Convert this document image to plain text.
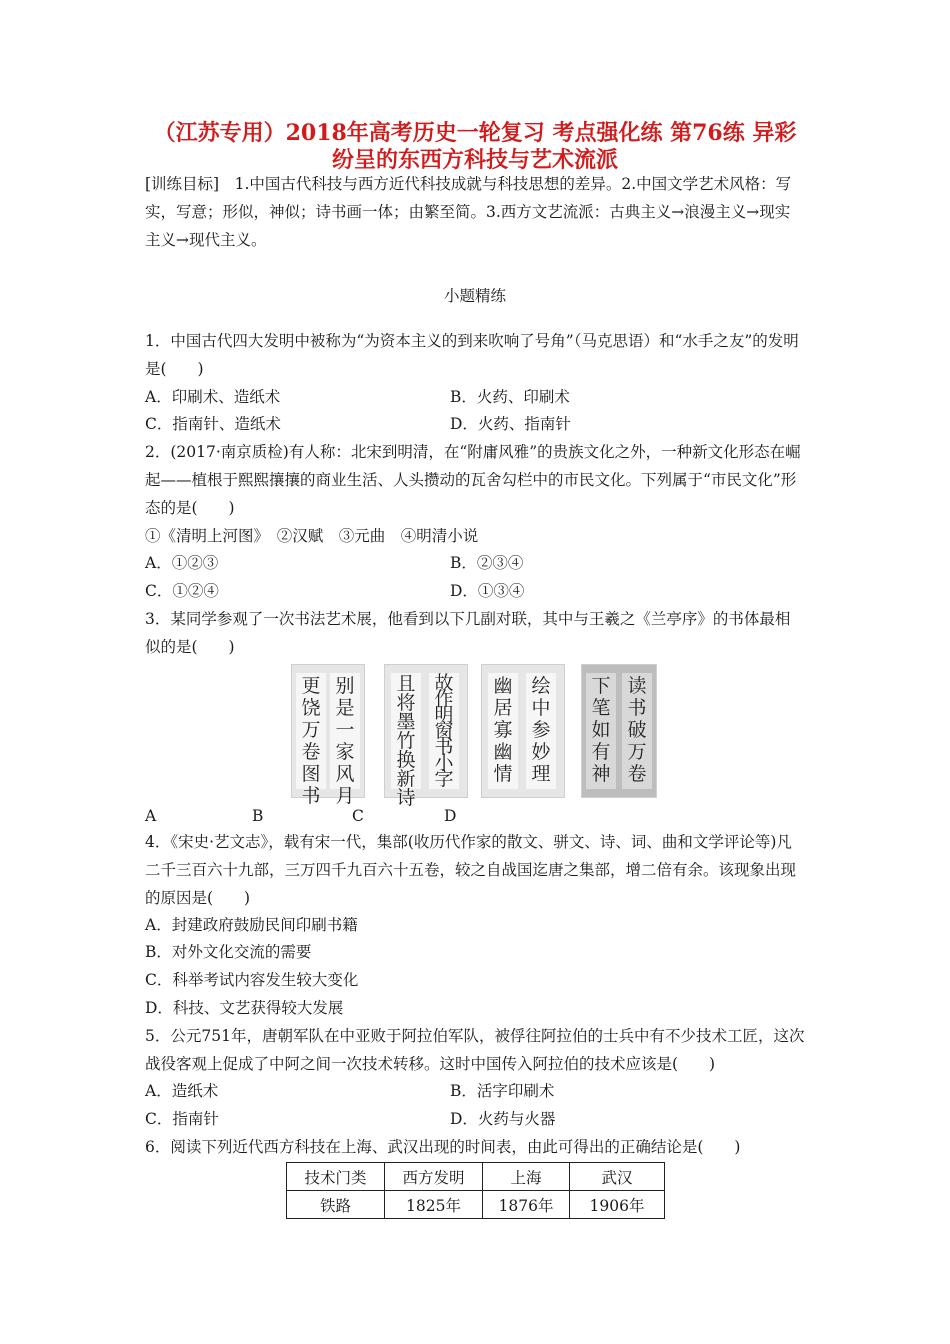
（江苏专用）2018年高考历史一轮复习 考点强化练 第76练 异彩
纷呈的东西方科技与艺术流派
[训练目标]　1.中国古代科技与西方近代科技成就与科技思想的差异。2.中国文学艺术风格：写实，写意；形似，神似；诗书画一体；由繁至简。3.西方文艺流派：古典主义→浪漫主义→现实主义→现代主义。
小题精练
1．中国古代四大发明中被称为“为资本主义的到来吹响了号角”（马克思语）和“水手之友”的发明是(　　)
A．印刷术、造纸术	B．火药、印刷术
C．指南针、造纸术	D．火药、指南针
2．(2017·南京质检)有人称：北宋到明清，在“附庸风雅”的贵族文化之外，一种新文化形态在崛起——植根于熙熙攘攘的商业生活、人头攒动的瓦舍勾栏中的市民文化。下列属于“市民文化”形态的是(　　)
①《清明上河图》　②汉赋　③元曲　④明清小说
A．①②③	B．②③④
C．①②④	D．①③④
3．某同学参观了一次书法艺术展，他看到以下几副对联，其中与王羲之《兰亭序》的书体最相似的是(　　)
更饶万卷图书
别是一家风月
且将墨竹换新诗
故作明窗书小字
幽居寡幽情
绘中参妙理
下笔如有神
读书破万卷
A	B	C	D
4．《宋史·艺文志》，载有宋一代，集部(收历代作家的散文、骈文、诗、词、曲和文学评论等)凡二千三百六十九部，三万四千九百六十五卷，较之自战国迄唐之集部，增二倍有余。该现象出现的原因是(　　)
A．封建政府鼓励民间印刷书籍
B．对外文化交流的需要
C．科举考试内容发生较大变化
D．科技、文艺获得较大发展
5．公元751年，唐朝军队在中亚败于阿拉伯军队，被俘往阿拉伯的士兵中有不少技术工匠，这次战役客观上促成了中阿之间一次技术转移。这时中国传入阿拉伯的技术应该是(　　)
A．造纸术	B．活字印刷术
C．指南针	D．火药与火器
6．阅读下列近代西方科技在上海、武汉出现的时间表，由此可得出的正确结论是(　　)
技术门类	西方发明	上海	武汉
铁路	1825年	1876年	1906年
